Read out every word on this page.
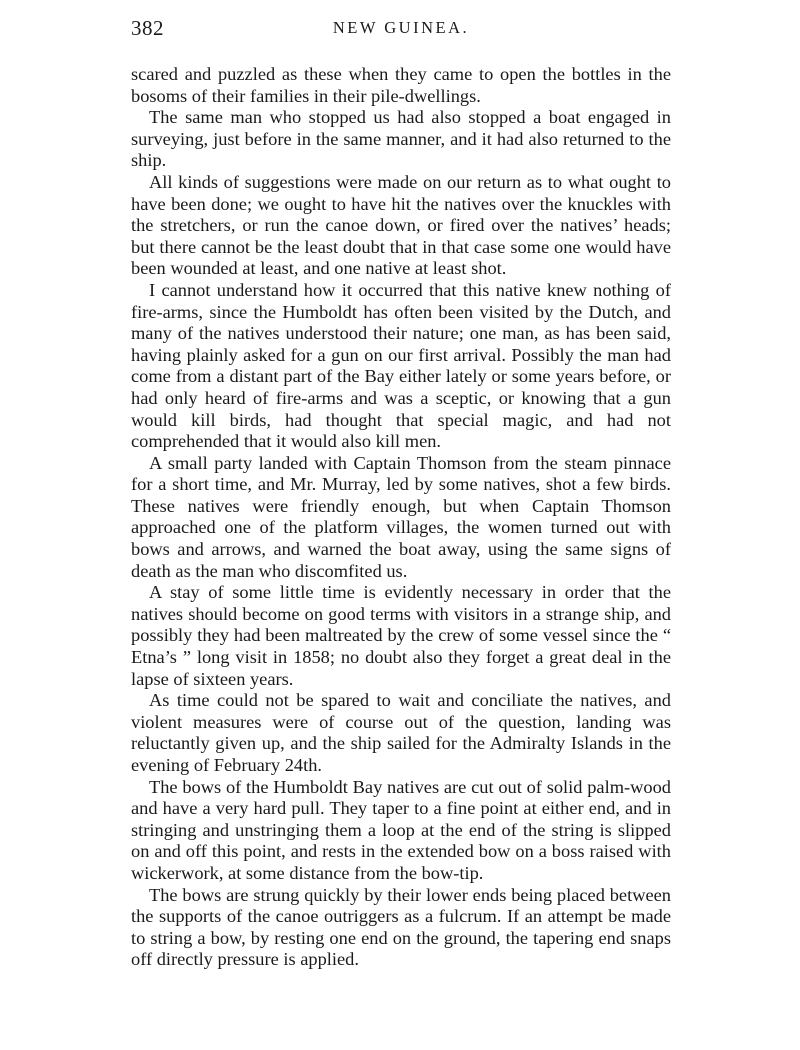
382	NEW GUINEA.

scared and puzzled as these when they came to open the bottles in the bosoms of their families in their pile-dwellings.

The same man who stopped us had also stopped a boat engaged in surveying, just before in the same manner, and it had also returned to the ship.

All kinds of suggestions were made on our return as to what ought to have been done; we ought to have hit the natives over the knuckles with the stretchers, or run the canoe down, or fired over the natives’ heads; but there cannot be the least doubt that in that case some one would have been wounded at least, and one native at least shot.

I cannot understand how it occurred that this native knew nothing of fire-arms, since the Humboldt has often been visited by the Dutch, and many of the natives understood their nature; one man, as has been said, having plainly asked for a gun on our first arrival. Possibly the man had come from a distant part of the Bay either lately or some years before, or had only heard of fire-arms and was a sceptic, or knowing that a gun would kill birds, had thought that special magic, and had not comprehended that it would also kill men.

A small party landed with Captain Thomson from the steam pinnace for a short time, and Mr. Murray, led by some natives, shot a few birds. These natives were friendly enough, but when Captain Thomson approached one of the platform villages, the women turned out with bows and arrows, and warned the boat away, using the same signs of death as the man who discomfited us.

A stay of some little time is evidently necessary in order that the natives should become on good terms with visitors in a strange ship, and possibly they had been maltreated by the crew of some vessel since the “ Etna’s ” long visit in 1858; no doubt also they forget a great deal in the lapse of sixteen years.

As time could not be spared to wait and conciliate the natives, and violent measures were of course out of the question, landing was reluctantly given up, and the ship sailed for the Admiralty Islands in the evening of February 24th.

The bows of the Humboldt Bay natives are cut out of solid palm-wood and have a very hard pull. They taper to a fine point at either end, and in stringing and unstringing them a loop at the end of the string is slipped on and off this point, and rests in the extended bow on a boss raised with wickerwork, at some distance from the bow-tip.

The bows are strung quickly by their lower ends being placed between the supports of the canoe outriggers as a fulcrum. If an attempt be made to string a bow, by resting one end on the ground, the tapering end snaps off directly pressure is applied.
